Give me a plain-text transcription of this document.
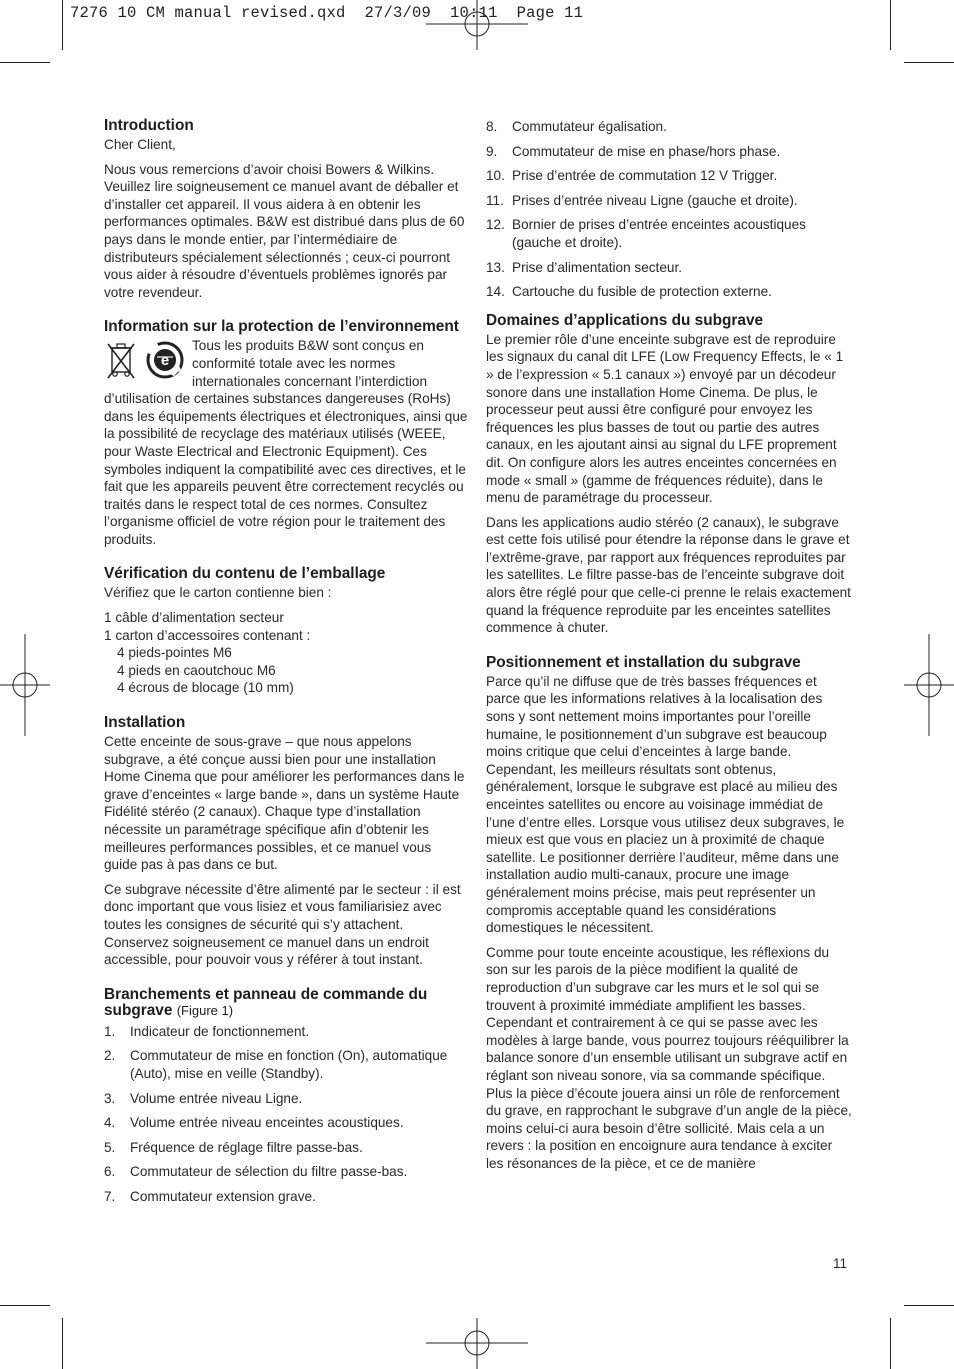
7276 10 CM manual revised.qxd  27/3/09  10:11  Page 11
Introduction

Cher Client,

Nous vous remercions d’avoir choisi Bowers & Wilkins. Veuillez lire soigneusement ce manuel avant de déballer et d’installer cet appareil. Il vous aidera à en obtenir les performances optimales. B&W est distribué dans plus de 60 pays dans le monde entier, par l’intermédiaire de distributeurs spécialement sélectionnés ; ceux-ci pourront vous aider à résoudre d’éventuels problèmes ignorés par votre revendeur.

Information sur la protection de l’environnement
e

Tous les produits B&W sont conçus en conformité totale avec les normes internationales concernant l’interdiction d’utilisation de certaines substances dangereuses (RoHs) dans les équipements électriques et électroniques, ainsi que la possibilité de recyclage des matériaux utilisés (WEEE, pour Waste Electrical and Electronic Equipment). Ces symboles indiquent la compatibilité avec ces directives, et le fait que les appareils peuvent être correctement recyclés ou traités dans le respect total de ces normes. Consultez l’organisme officiel de votre région pour le traitement des produits.

Vérification du contenu de l’emballage

Vérifiez que le carton contienne bien :

1 câble d’alimentation secteur
1 carton d’accessoires contenant :
4 pieds-pointes M6
4 pieds en caoutchouc M6
4 écrous de blocage (10 mm)
Installation

Cette enceinte de sous-grave – que nous appelons subgrave, a été conçue aussi bien pour une installation Home Cinema que pour améliorer les performances dans le grave d’enceintes « large bande », dans un système Haute Fidélité stéréo (2 canaux). Chaque type d’installation nécessite un paramétrage spécifique afin d’obtenir les meilleures performances possibles, et ce manuel vous guide pas à pas dans ce but.

Ce subgrave nécessite d’être alimenté par le secteur : il est donc important que vous lisiez et vous familiarisiez avec toutes les consignes de sécurité qui s’y attachent. Conservez soigneusement ce manuel dans un endroit accessible, pour pouvoir vous y référer à tout instant.

Branchements et panneau de commande du subgrave (Figure 1)
1.	Indicateur de fonctionnement.
2.	Commutateur de mise en fonction (On), automatique (Auto), mise en veille (Standby).
3.	Volume entrée niveau Ligne.
4.	Volume entrée niveau enceintes acoustiques.
5.	Fréquence de réglage filtre passe-bas.
6.	Commutateur de sélection du filtre passe-bas.
7.	Commutateur extension grave.
8.	Commutateur égalisation.
9.	Commutateur de mise en phase/hors phase.
10. Prise d’entrée de commutation 12 V Trigger.
11. Prises d’entrée niveau Ligne (gauche et droite).
12. Bornier de prises d’entrée enceintes acoustiques (gauche et droite).
13. Prise d’alimentation secteur.
14. Cartouche du fusible de protection externe.
Domaines d’applications du subgrave

Le premier rôle d’une enceinte subgrave est de reproduire les signaux du canal dit LFE (Low Frequency Effects, le « 1 » de l’expression « 5.1 canaux ») envoyé par un décodeur sonore dans une installation Home Cinema. De plus, le processeur peut aussi être configuré pour envoyez les fréquences les plus basses de tout ou partie des autres canaux, en les ajoutant ainsi au signal du LFE proprement dit. On configure alors les autres enceintes concernées en mode « small » (gamme de fréquences réduite), dans le menu de paramétrage du processeur.

Dans les applications audio stéréo (2 canaux), le subgrave est cette fois utilisé pour étendre la réponse dans le grave et l’extrême-grave, par rapport aux fréquences reproduites par les satellites. Le filtre passe-bas de l’enceinte subgrave doit alors être réglé pour que celle-ci prenne le relais exactement quand la fréquence reproduite par les enceintes satellites commence à chuter.

Positionnement et installation du subgrave

Parce qu’il ne diffuse que de très basses fréquences et parce que les informations relatives à la localisation des sons y sont nettement moins importantes pour l’oreille humaine, le positionnement d’un subgrave est beaucoup moins critique que celui d’enceintes à large bande. Cependant, les meilleurs résultats sont obtenus, généralement, lorsque le subgrave est placé au milieu des enceintes satellites ou encore au voisinage immédiat de l’une d’entre elles. Lorsque vous utilisez deux subgraves, le mieux est que vous en placiez un à proximité de chaque satellite. Le positionner derrière l’auditeur, même dans une installation audio multi-canaux, procure une image généralement moins précise, mais peut représenter un compromis acceptable quand les considérations domestiques le nécessitent.

Comme pour toute enceinte acoustique, les réflexions du son sur les parois de la pièce modifient la qualité de reproduction d’un subgrave car les murs et le sol qui se trouvent à proximité immédiate amplifient les basses. Cependant et contrairement à ce qui se passe avec les modèles à large bande, vous pourrez toujours rééquilibrer la balance sonore d’un ensemble utilisant un subgrave actif en réglant son niveau sonore, via sa commande spécifique. Plus la pièce d’écoute jouera ainsi un rôle de renforcement du grave, en rapprochant le subgrave d’un angle de la pièce, moins celui-ci aura besoin d’être sollicité. Mais cela a un revers : la position en encoignure aura tendance à exciter les résonances de la pièce, et ce de manière

11
